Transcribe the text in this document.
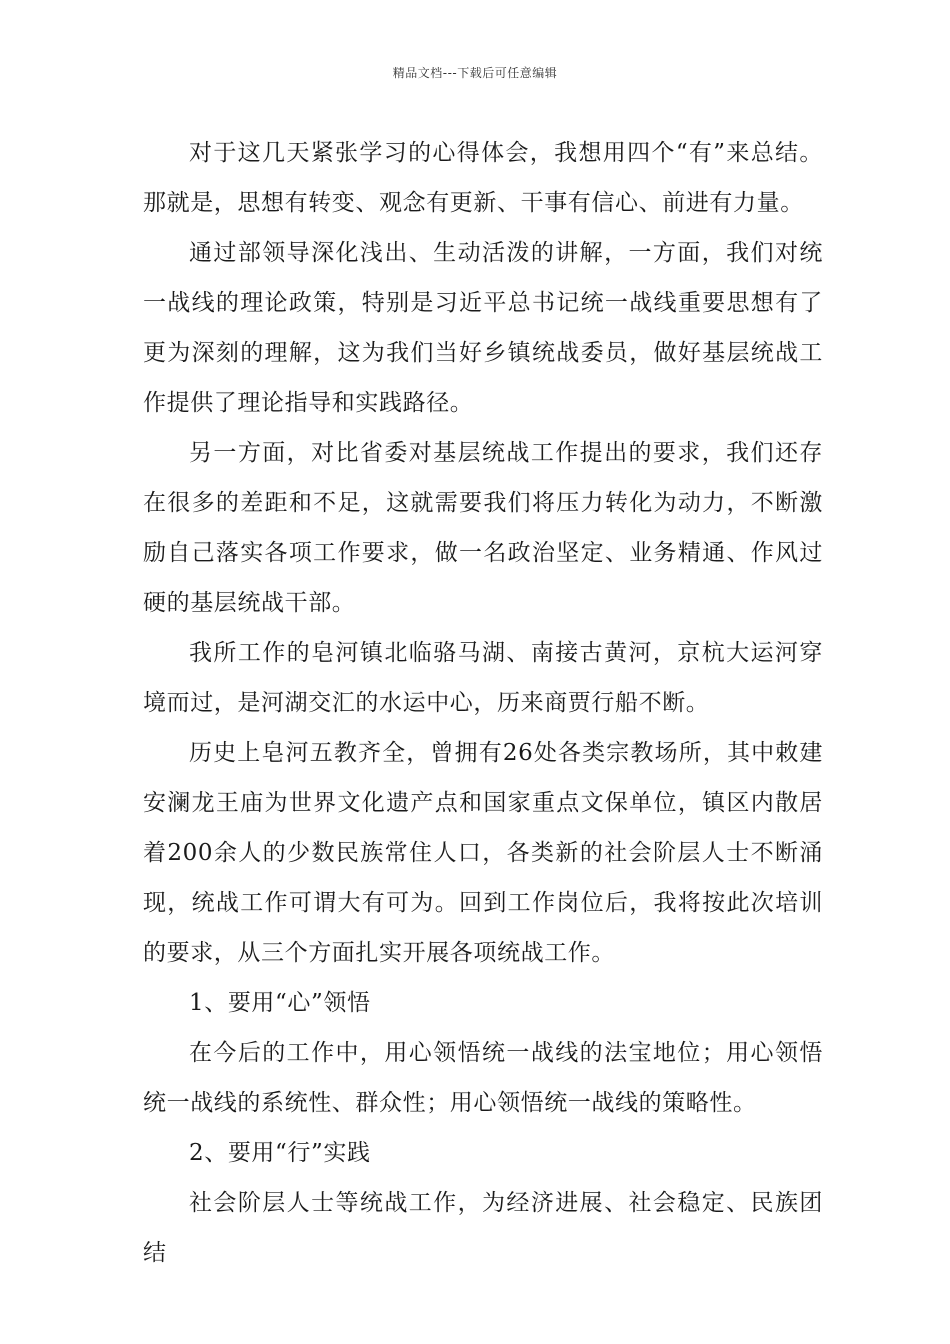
精品文档---下载后可任意编辑

对于这几天紧张学习的心得体会，我想用四个“有”来总结。那就是，思想有转变、观念有更新、干事有信心、前进有力量。

通过部领导深化浅出、生动活泼的讲解，一方面，我们对统一战线的理论政策，特别是习近平总书记统一战线重要思想有了更为深刻的理解，这为我们当好乡镇统战委员，做好基层统战工作提供了理论指导和实践路径。

另一方面，对比省委对基层统战工作提出的要求，我们还存在很多的差距和不足，这就需要我们将压力转化为动力，不断激励自己落实各项工作要求，做一名政治坚定、业务精通、作风过硬的基层统战干部。

我所工作的皂河镇北临骆马湖、南接古黄河，京杭大运河穿境而过，是河湖交汇的水运中心，历来商贾行船不断。

历史上皂河五教齐全，曾拥有26处各类宗教场所，其中敕建安澜龙王庙为世界文化遗产点和国家重点文保单位，镇区内散居着200余人的少数民族常住人口，各类新的社会阶层人士不断涌现，统战工作可谓大有可为。回到工作岗位后，我将按此次培训的要求，从三个方面扎实开展各项统战工作。

1、要用“心”领悟

在今后的工作中，用心领悟统一战线的法宝地位；用心领悟统一战线的系统性、群众性；用心领悟统一战线的策略性。

2、要用“行”实践

社会阶层人士等统战工作，为经济进展、社会稳定、民族团结
